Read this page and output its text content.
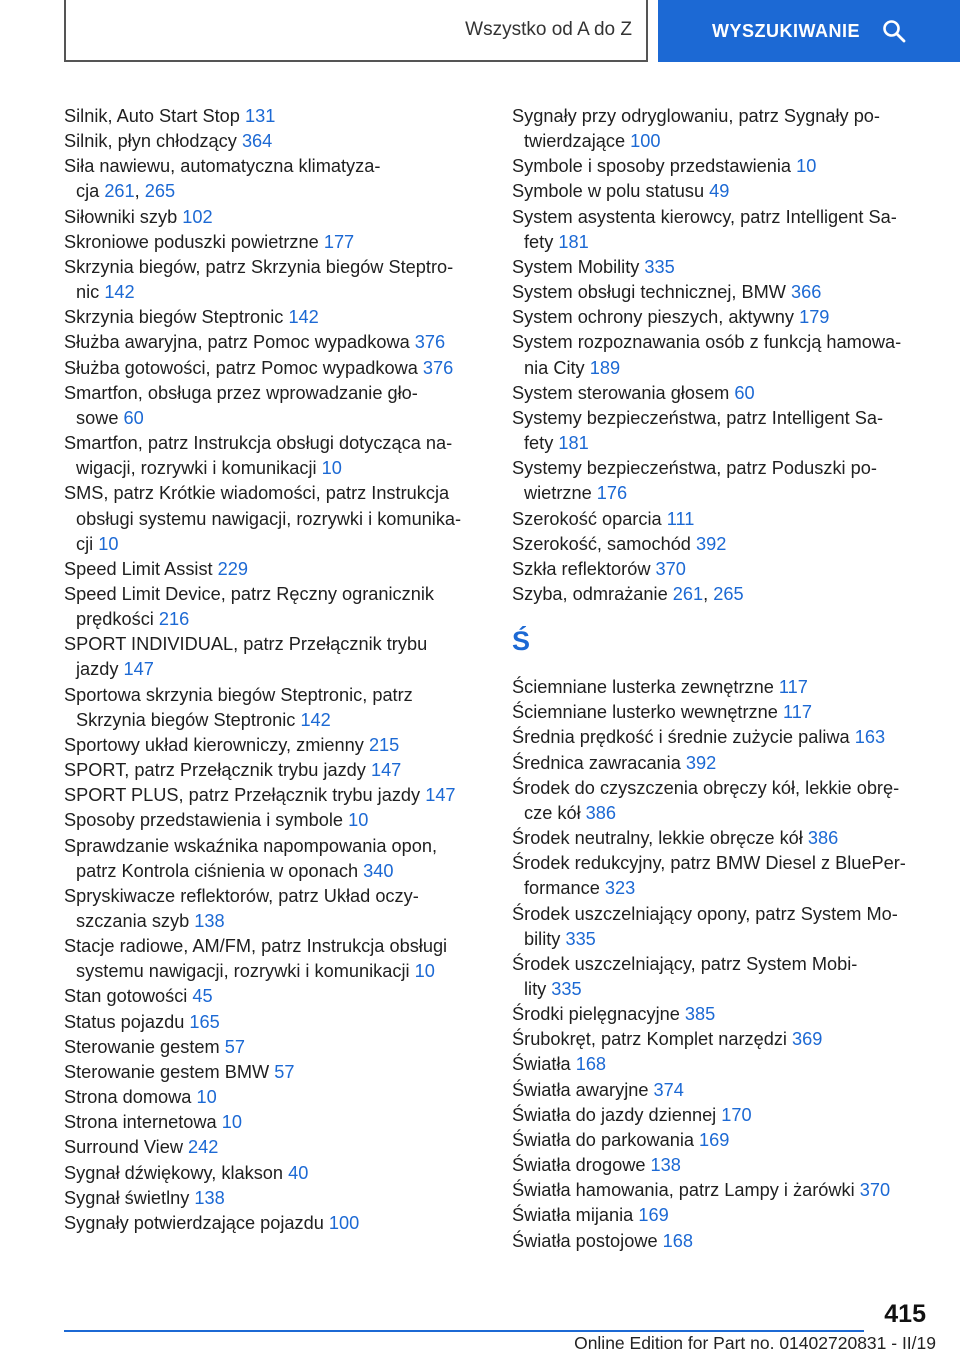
Wszystko od A do Z	WYSZUKIWANIE
Silnik, Auto Start Stop 131
Silnik, płyn chłodzący 364
Siła nawiewu, automatyczna klimatyza-
cja 261, 265
Siłowniki szyb 102
Skroniowe poduszki powietrzne 177
Skrzynia biegów, patrz Skrzynia biegów Steptro-
nic 142
Skrzynia biegów Steptronic 142
Służba awaryjna, patrz Pomoc wypadkowa 376
Służba gotowości, patrz Pomoc wypadkowa 376
Smartfon, obsługa przez wprowadzanie gło-
sowe 60
Smartfon, patrz Instrukcja obsługi dotycząca na-
wigacji, rozrywki i komunikacji 10
SMS, patrz Krótkie wiadomości, patrz Instrukcja
obsługi systemu nawigacji, rozrywki i komunika-
cji 10
Speed Limit Assist 229
Speed Limit Device, patrz Ręczny ogranicznik
prędkości 216
SPORT INDIVIDUAL, patrz Przełącznik trybu
jazdy 147
Sportowa skrzynia biegów Steptronic, patrz
Skrzynia biegów Steptronic 142
Sportowy układ kierowniczy, zmienny 215
SPORT, patrz Przełącznik trybu jazdy 147
SPORT PLUS, patrz Przełącznik trybu jazdy 147
Sposoby przedstawienia i symbole 10
Sprawdzanie wskaźnika napompowania opon,
patrz Kontrola ciśnienia w oponach 340
Spryskiwacze reflektorów, patrz Układ oczy-
szczania szyb 138
Stacje radiowe, AM/FM, patrz Instrukcja obsługi
systemu nawigacji, rozrywki i komunikacji 10
Stan gotowości 45
Status pojazdu 165
Sterowanie gestem 57
Sterowanie gestem BMW 57
Strona domowa 10
Strona internetowa 10
Surround View 242
Sygnał dźwiękowy, klakson 40
Sygnał świetlny 138
Sygnały potwierdzające pojazdu 100
Sygnały przy odryglowaniu, patrz Sygnały po-
twierdzające 100
Symbole i sposoby przedstawienia 10
Symbole w polu statusu 49
System asystenta kierowcy, patrz Intelligent Sa-
fety 181
System Mobility 335
System obsługi technicznej, BMW 366
System ochrony pieszych, aktywny 179
System rozpoznawania osób z funkcją hamowa-
nia City 189
System sterowania głosem 60
Systemy bezpieczeństwa, patrz Intelligent Sa-
fety 181
Systemy bezpieczeństwa, patrz Poduszki po-
wietrzne 176
Szerokość oparcia 111
Szerokość, samochód 392
Szkła reflektorów 370
Szyba, odmrażanie 261, 265
Ś
Ściemniane lusterka zewnętrzne 117
Ściemniane lusterko wewnętrzne 117
Średnia prędkość i średnie zużycie paliwa 163
Średnica zawracania 392
Środek do czyszczenia obręczy kół, lekkie obrę-
cze kół 386
Środek neutralny, lekkie obręcze kół 386
Środek redukcyjny, patrz BMW Diesel z BluePer-
formance 323
Środek uszczelniający opony, patrz System Mo-
bility 335
Środek uszczelniający, patrz System Mobi-
lity 335
Środki pielęgnacyjne 385
Śrubokręt, patrz Komplet narzędzi 369
Światła 168
Światła awaryjne 374
Światła do jazdy dziennej 170
Światła do parkowania 169
Światła drogowe 138
Światła hamowania, patrz Lampy i żarówki 370
Światła mijania 169
Światła postojowe 168
415
Online Edition for Part no. 01402720831 - II/19
